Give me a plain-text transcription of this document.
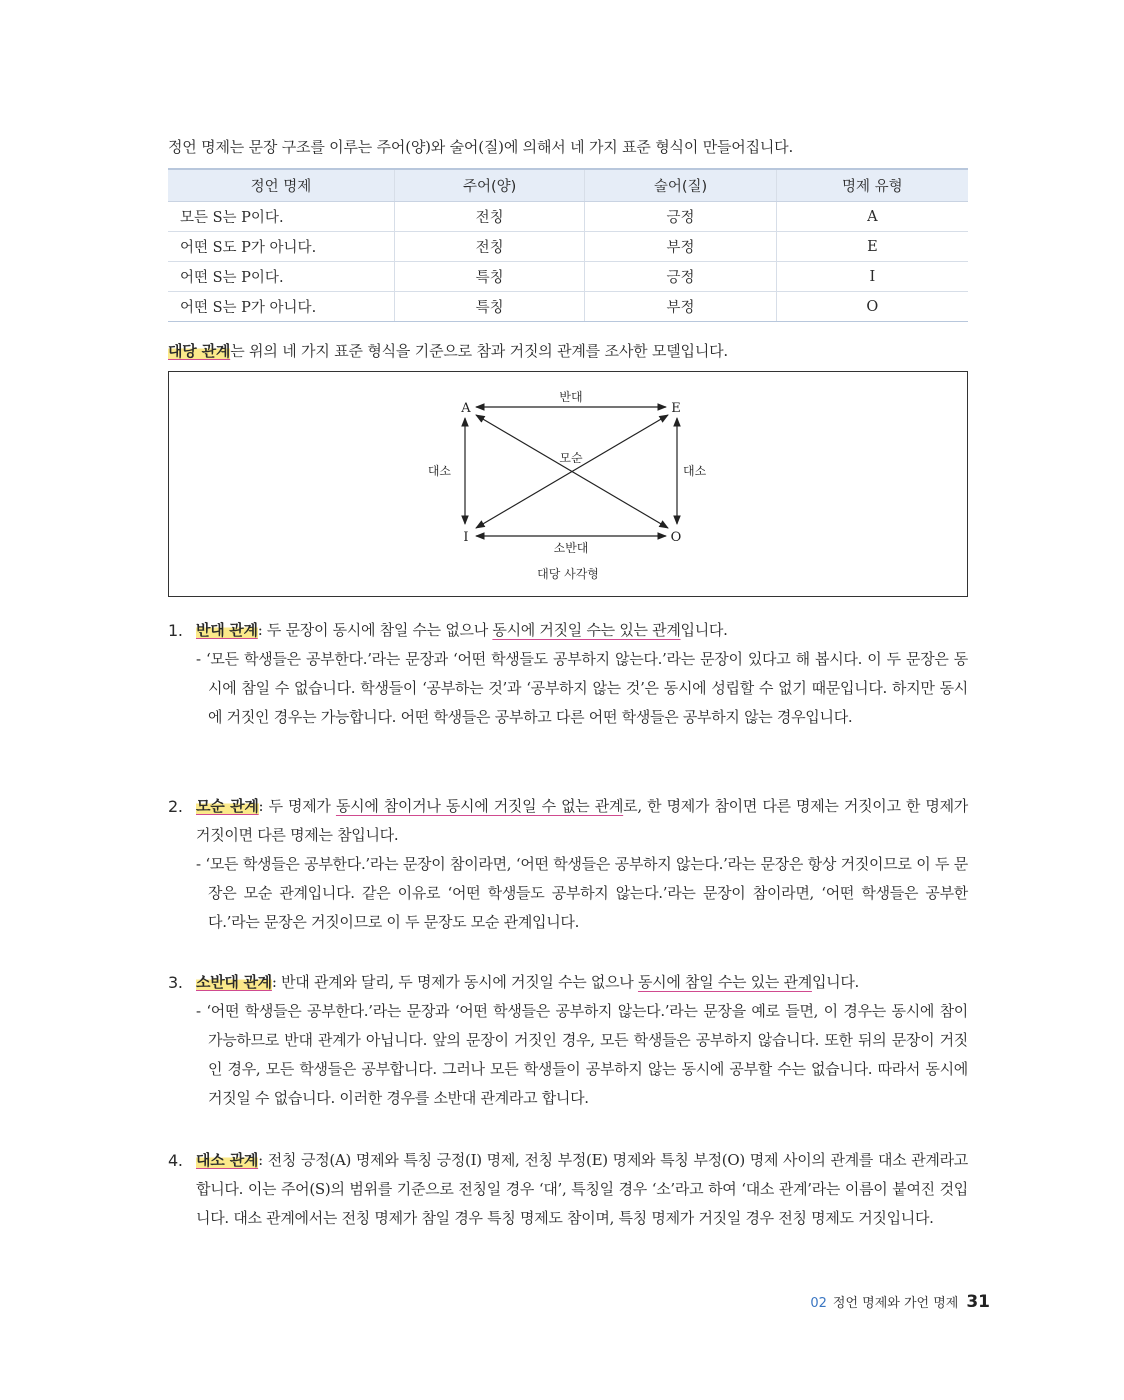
정언 명제는 문장 구조를 이루는 주어(양)와 술어(질)에 의해서 네 가지 표준 형식이 만들어집니다.
정언 명제	주어(양)	술어(질)	명제 유형
모든 S는 P이다.	전칭	긍정	A
어떤 S도 P가 아니다.	전칭	부정	E
어떤 S는 P이다.	특칭	긍정	I
어떤 S는 P가 아니다.	특칭	부정	O
대당 관계는 위의 네 가지 표준 형식을 기준으로 참과 거짓의 관계를 조사한 모델입니다.
A	E
I	O
반대
소반대
대소	대소
모순
대당 사각형
1. 반대 관계: 두 문장이 동시에 참일 수는 없으나 동시에 거짓일 수는 있는 관계입니다.
- ‘모든 학생들은 공부한다.’라는 문장과 ‘어떤 학생들도 공부하지 않는다.’라는 문장이 있다고 해 봅시다. 이 두 문장은 동시에 참일 수 없습니다. 학생들이 ‘공부하는 것’과 ‘공부하지 않는 것’은 동시에 성립할 수 없기 때문입니다. 하지만 동시에 거짓인 경우는 가능합니다. 어떤 학생들은 공부하고 다른 어떤 학생들은 공부하지 않는 경우입니다.
2. 모순 관계: 두 명제가 동시에 참이거나 동시에 거짓일 수 없는 관계로, 한 명제가 참이면 다른 명제는 거짓이고 한 명제가 거짓이면 다른 명제는 참입니다.
- ‘모든 학생들은 공부한다.’라는 문장이 참이라면, ‘어떤 학생들은 공부하지 않는다.’라는 문장은 항상 거짓이므로 이 두 문장은 모순 관계입니다. 같은 이유로 ‘어떤 학생들도 공부하지 않는다.’라는 문장이 참이라면, ‘어떤 학생들은 공부한다.’라는 문장은 거짓이므로 이 두 문장도 모순 관계입니다.
3. 소반대 관계: 반대 관계와 달리, 두 명제가 동시에 거짓일 수는 없으나 동시에 참일 수는 있는 관계입니다.
- ‘어떤 학생들은 공부한다.’라는 문장과 ‘어떤 학생들은 공부하지 않는다.’라는 문장을 예로 들면, 이 경우는 동시에 참이 가능하므로 반대 관계가 아닙니다. 앞의 문장이 거짓인 경우, 모든 학생들은 공부하지 않습니다. 또한 뒤의 문장이 거짓인 경우, 모든 학생들은 공부합니다. 그러나 모든 학생들이 공부하지 않는 동시에 공부할 수는 없습니다. 따라서 동시에 거짓일 수 없습니다. 이러한 경우를 소반대 관계라고 합니다.
4. 대소 관계: 전칭 긍정(A) 명제와 특칭 긍정(I) 명제, 전칭 부정(E) 명제와 특칭 부정(O) 명제 사이의 관계를 대소 관계라고 합니다. 이는 주어(S)의 범위를 기준으로 전칭일 경우 ‘대’, 특칭일 경우 ‘소’라고 하여 ‘대소 관계’라는 이름이 붙여진 것입니다. 대소 관계에서는 전칭 명제가 참일 경우 특칭 명제도 참이며, 특칭 명제가 거짓일 경우 전칭 명제도 거짓입니다.
02 정언 명제와 가언 명제 31
